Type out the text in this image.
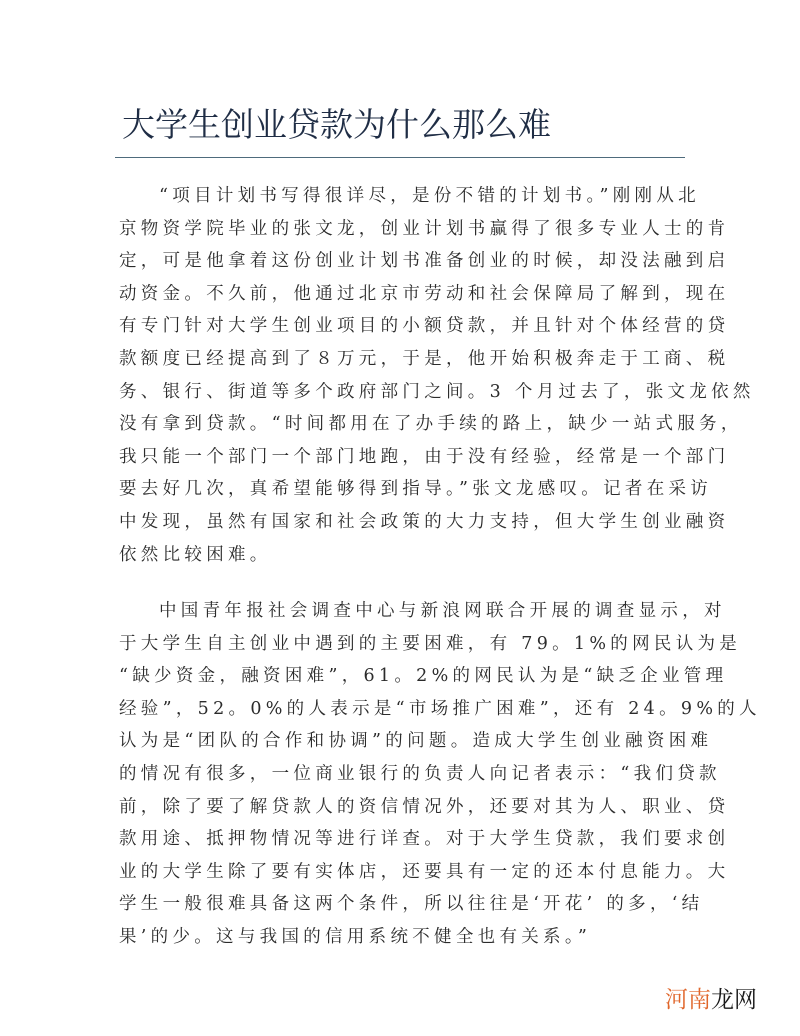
大学生创业贷款为什么那么难
“项目计划书写得很详尽，是份不错的计划书。”刚刚从北
京物资学院毕业的张文龙，创业计划书赢得了很多专业人士的肯
定，可是他拿着这份创业计划书准备创业的时候，却没法融到启
动资金。不久前，他通过北京市劳动和社会保障局了解到，现在
有专门针对大学生创业项目的小额贷款，并且针对个体经营的贷
款额度已经提高到了８万元，于是，他开始积极奔走于工商、税
务、银行、街道等多个政府部门之间。3 个月过去了，张文龙依然
没有拿到贷款。“时间都用在了办手续的路上，缺少一站式服务，
我只能一个部门一个部门地跑，由于没有经验，经常是一个部门
要去好几次，真希望能够得到指导。”张文龙感叹。记者在采访
中发现，虽然有国家和社会政策的大力支持，但大学生创业融资
依然比较困难。
中国青年报社会调查中心与新浪网联合开展的调查显示，对
于大学生自主创业中遇到的主要困难，有 79。1%的网民认为是
“缺少资金，融资困难”，61。2%的网民认为是“缺乏企业管理
经验”，52。0%的人表示是“市场推广困难”，还有 24。9%的人
认为是“团队的合作和协调”的问题。造成大学生创业融资困难
的情况有很多，一位商业银行的负责人向记者表示：“我们贷款
前，除了要了解贷款人的资信情况外，还要对其为人、职业、贷
款用途、抵押物情况等进行详查。对于大学生贷款，我们要求创
业的大学生除了要有实体店，还要具有一定的还本付息能力。大
学生一般很难具备这两个条件，所以往往是‘开花’ 的多，‘结
果’的少。这与我国的信用系统不健全也有关系。”
河南龙网
